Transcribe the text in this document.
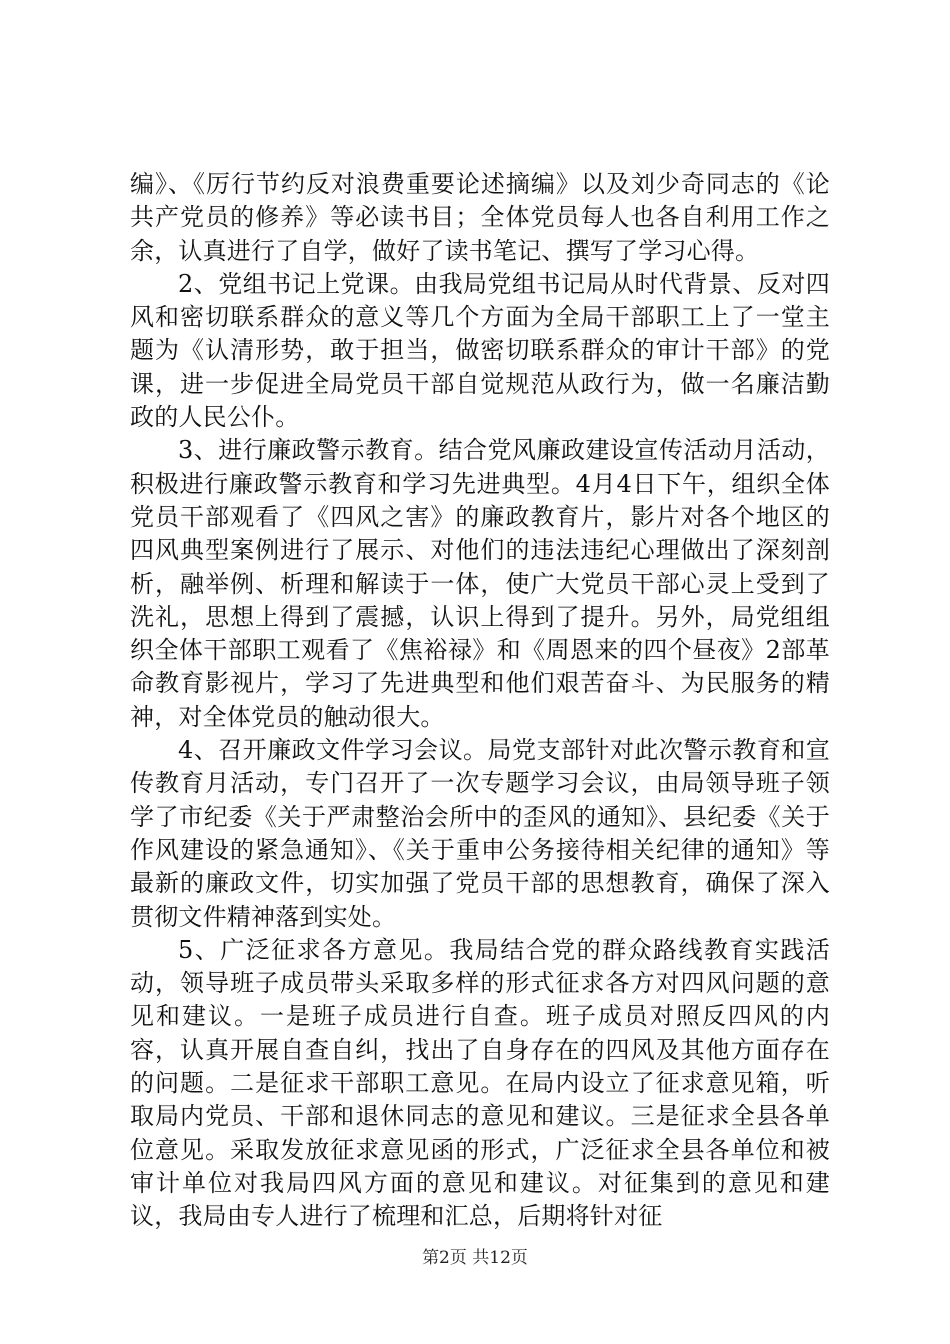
编》、《厉行节约反对浪费重要论述摘编》以及刘少奇同志的《论共产党员的修养》等必读书目；全体党员每人也各自利用工作之余，认真进行了自学，做好了读书笔记、撰写了学习心得。

2、党组书记上党课。由我局党组书记局从时代背景、反对四风和密切联系群众的意义等几个方面为全局干部职工上了一堂主题为《认清形势，敢于担当，做密切联系群众的审计干部》的党课，进一步促进全局党员干部自觉规范从政行为，做一名廉洁勤政的人民公仆。

3、进行廉政警示教育。结合党风廉政建设宣传活动月活动，积极进行廉政警示教育和学习先进典型。4月4日下午，组织全体党员干部观看了《四风之害》的廉政教育片，影片对各个地区的四风典型案例进行了展示、对他们的违法违纪心理做出了深刻剖析，融举例、析理和解读于一体，使广大党员干部心灵上受到了洗礼，思想上得到了震撼，认识上得到了提升。另外，局党组组织全体干部职工观看了《焦裕禄》和《周恩来的四个昼夜》2部革命教育影视片，学习了先进典型和他们艰苦奋斗、为民服务的精神，对全体党员的触动很大。

4、召开廉政文件学习会议。局党支部针对此次警示教育和宣传教育月活动，专门召开了一次专题学习会议，由局领导班子领学了市纪委《关于严肃整治会所中的歪风的通知》、县纪委《关于作风建设的紧急通知》、《关于重申公务接待相关纪律的通知》等最新的廉政文件，切实加强了党员干部的思想教育，确保了深入贯彻文件精神落到实处。

5、广泛征求各方意见。我局结合党的群众路线教育实践活动，领导班子成员带头采取多样的形式征求各方对四风问题的意见和建议。一是班子成员进行自查。班子成员对照反四风的内容，认真开展自查自纠，找出了自身存在的四风及其他方面存在的问题。二是征求干部职工意见。在局内设立了征求意见箱，听取局内党员、干部和退休同志的意见和建议。三是征求全县各单位意见。采取发放征求意见函的形式，广泛征求全县各单位和被审计单位对我局四风方面的意见和建议。对征集到的意见和建议，我局由专人进行了梳理和汇总，后期将针对征

第2页 共12页
